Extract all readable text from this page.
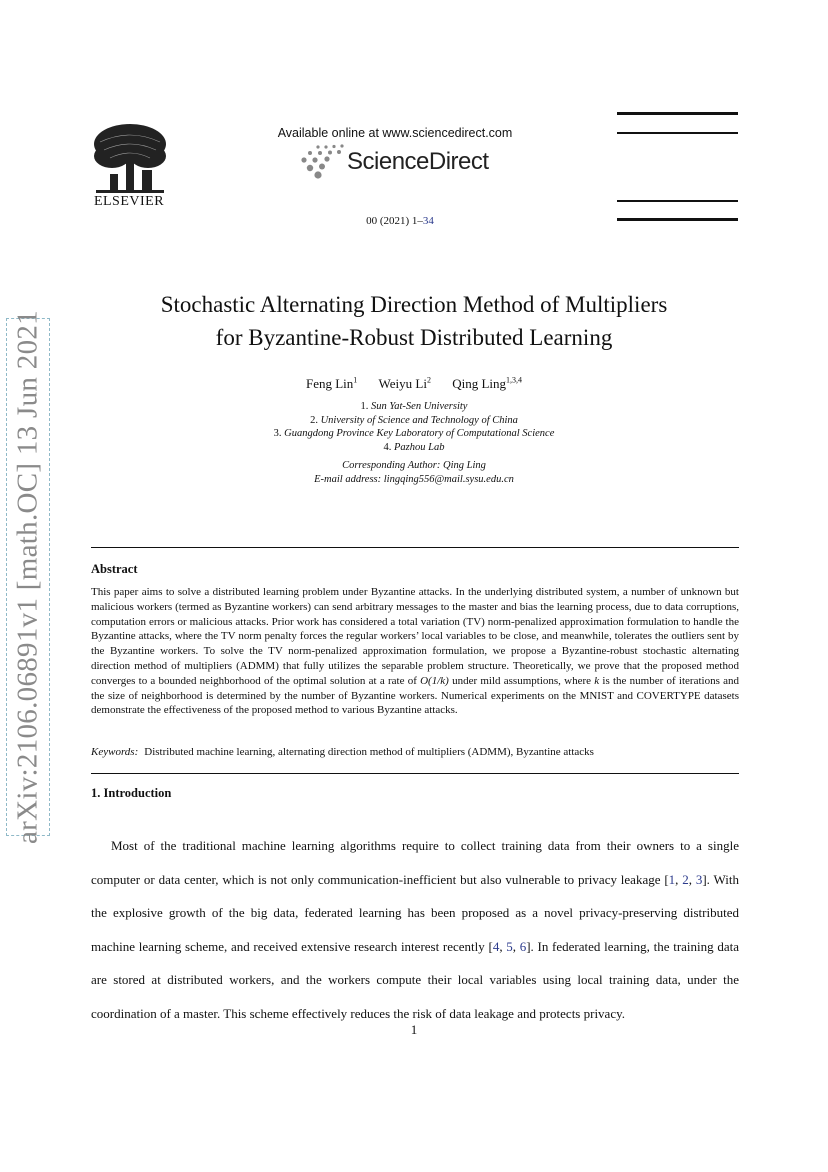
arXiv:2106.06891v1 [math.OC] 13 Jun 2021
ELSEVIER
Available online at www.sciencedirect.com
ScienceDirect
00 (2021) 1–34
Stochastic Alternating Direction Method of Multipliers
for Byzantine-Robust Distributed Learning
Feng Lin$^1$ Weiyu Li$^2$ Qing Ling$^{1,3,4}$
1. Sun Yat-Sen University
2. University of Science and Technology of China
3. Guangdong Province Key Laboratory of Computational Science
4. Pazhou Lab
Corresponding Author: Qing Ling
E-mail address: lingqing556@mail.sysu.edu.cn
Abstract
This paper aims to solve a distributed learning problem under Byzantine attacks. In the underlying distributed system, a number of unknown but malicious workers (termed as Byzantine workers) can send arbitrary messages to the master and bias the learning process, due to data corruptions, computation errors or malicious attacks. Prior work has considered a total variation (TV) norm-penalized approximation formulation to handle the Byzantine attacks, where the TV norm penalty forces the regular workers’ local variables to be close, and meanwhile, tolerates the outliers sent by the Byzantine workers. To solve the TV norm-penalized approximation formulation, we propose a Byzantine-robust stochastic alternating direction method of multipliers (ADMM) that fully utilizes the separable problem structure. Theoretically, we prove that the proposed method converges to a bounded neighborhood of the optimal solution at a rate of O(1/k) under mild assumptions, where k is the number of iterations and the size of neighborhood is determined by the number of Byzantine workers. Numerical experiments on the MNIST and COVERTYPE datasets demonstrate the effectiveness of the proposed method to various Byzantine attacks.
Keywords: Distributed machine learning, alternating direction method of multipliers (ADMM), Byzantine attacks
1. Introduction
Most of the traditional machine learning algorithms require to collect training data from their owners to a single computer or data center, which is not only communication-inefficient but also vulnerable to privacy leakage [1, 2, 3]. With the explosive growth of the big data, federated learning has been proposed as a novel privacy-preserving distributed machine learning scheme, and received extensive research interest recently [4, 5, 6]. In federated learning, the training data are stored at distributed workers, and the workers compute their local variables using local training data, under the coordination of a master. This scheme effectively reduces the risk of data leakage and protects privacy.
1
